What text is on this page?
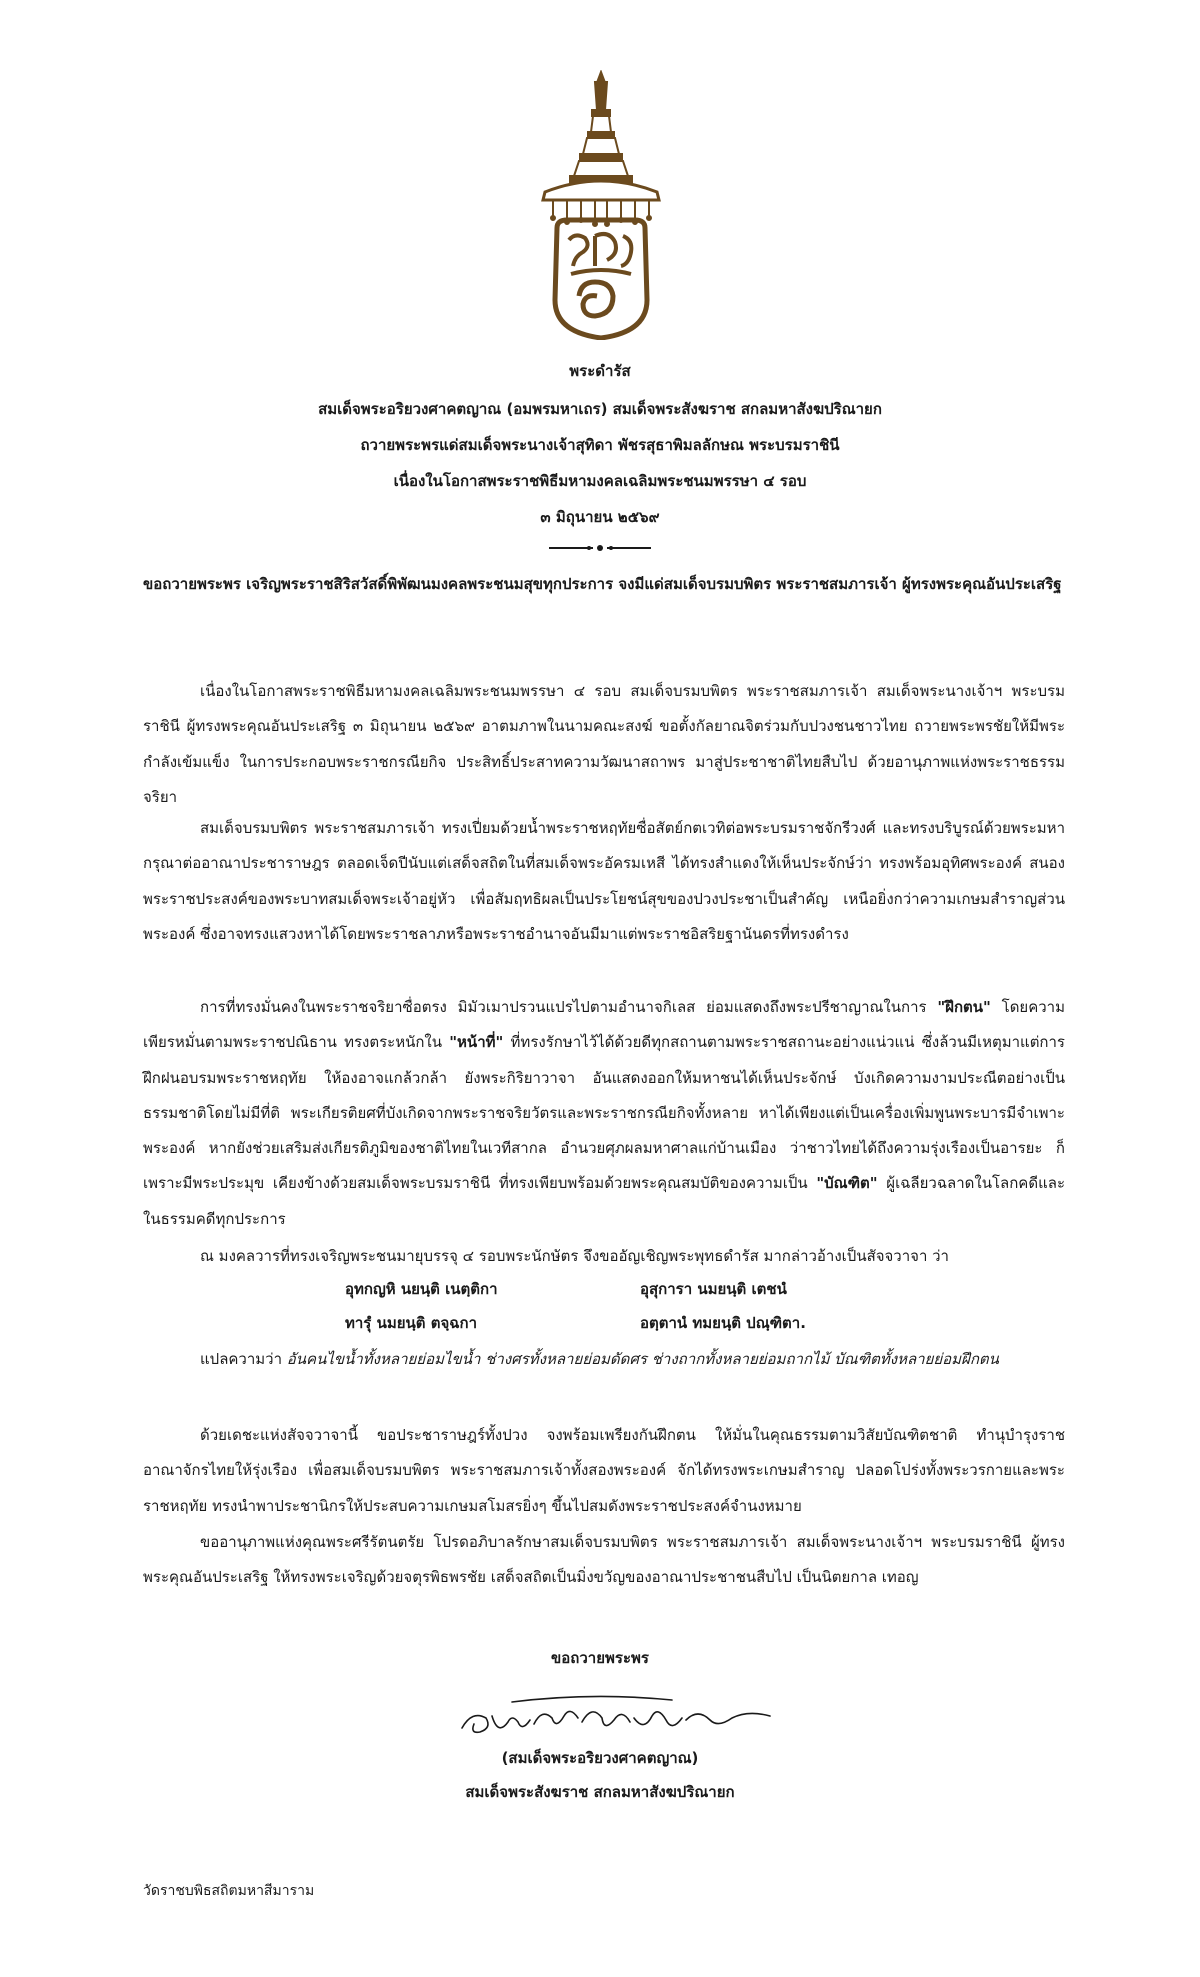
พระดำรัส
สมเด็จพระอริยวงศาคตญาณ (อมพรมหาเถร) สมเด็จพระสังฆราช สกลมหาสังฆปริณายก
ถวายพระพรแด่สมเด็จพระนางเจ้าสุทิดา พัชรสุธาพิมลลักษณ พระบรมราชินี
เนื่องในโอกาสพระราชพิธีมหามงคลเฉลิมพระชนมพรรษา ๔ รอบ
๓ มิถุนายน ๒๕๖๙
ขอถวายพระพร เจริญพระราชสิริสวัสดิ์พิพัฒนมงคลพระชนมสุขทุกประการ จงมีแด่สมเด็จบรมบพิตร พระราชสมภารเจ้า ผู้ทรงพระคุณอันประเสริฐ
เนื่องในโอกาสพระราชพิธีมหามงคลเฉลิมพระชนมพรรษา ๔ รอบ สมเด็จบรมบพิตร พระราชสมภารเจ้า สมเด็จพระนางเจ้าฯ พระบรมราชินี ผู้ทรงพระคุณอันประเสริฐ ๓ มิถุนายน ๒๕๖๙ อาตมภาพในนามคณะสงฆ์ ขอตั้งกัลยาณจิตร่วมกับปวงชนชาวไทย ถวายพระพรชัยให้มีพระกำลังเข้มแข็ง ในการประกอบพระราชกรณียกิจ ประสิทธิ์ประสาทความวัฒนาสถาพร มาสู่ประชาชาติไทยสืบไป ด้วยอานุภาพแห่งพระราชธรรมจริยา
สมเด็จบรมบพิตร พระราชสมภารเจ้า ทรงเปี่ยมด้วยน้ำพระราชหฤทัยซื่อสัตย์กตเวทิต่อพระบรมราชจักรีวงศ์ และทรงบริบูรณ์ด้วยพระมหากรุณาต่ออาณาประชาราษฎร ตลอดเจ็ดปีนับแต่เสด็จสถิตในที่สมเด็จพระอัครมเหสี ได้ทรงสำแดงให้เห็นประจักษ์ว่า ทรงพร้อมอุทิศพระองค์ สนองพระราชประสงค์ของพระบาทสมเด็จพระเจ้าอยู่หัว เพื่อสัมฤทธิผลเป็นประโยชน์สุขของปวงประชาเป็นสำคัญ เหนือยิ่งกว่าความเกษมสำราญส่วนพระองค์ ซึ่งอาจทรงแสวงหาได้โดยพระราชลาภหรือพระราชอำนาจอันมีมาแต่พระราชอิสริยฐานันดรที่ทรงดำรง
การที่ทรงมั่นคงในพระราชจริยาซื่อตรง มิมัวเมาปรวนแปรไปตามอำนาจกิเลส ย่อมแสดงถึงพระปรีชาญาณในการ "ฝึกตน" โดยความเพียรหมั่นตามพระราชปณิธาน ทรงตระหนักใน "หน้าที่" ที่ทรงรักษาไว้ได้ด้วยดีทุกสถานตามพระราชสถานะอย่างแน่วแน่ ซึ่งล้วนมีเหตุมาแต่การฝึกฝนอบรมพระราชหฤทัย ให้องอาจแกล้วกล้า ยังพระกิริยาวาจา อันแสดงออกให้มหาชนได้เห็นประจักษ์ บังเกิดความงามประณีตอย่างเป็นธรรมชาติโดยไม่มีที่ติ พระเกียรติยศที่บังเกิดจากพระราชจริยวัตรและพระราชกรณียกิจทั้งหลาย หาได้เพียงแต่เป็นเครื่องเพิ่มพูนพระบารมีจำเพาะพระองค์ หากยังช่วยเสริมส่งเกียรติภูมิของชาติไทยในเวทีสากล อำนวยศุภผลมหาศาลแก่บ้านเมือง ว่าชาวไทยได้ถึงความรุ่งเรืองเป็นอารยะ ก็เพราะมีพระประมุข เคียงข้างด้วยสมเด็จพระบรมราชินี ที่ทรงเพียบพร้อมด้วยพระคุณสมบัติของความเป็น "บัณฑิต" ผู้เฉลียวฉลาดในโลกคดีและในธรรมคดีทุกประการ
ณ มงคลวารที่ทรงเจริญพระชนมายุบรรจุ ๔ รอบพระนักษัตร จึงขออัญเชิญพระพุทธดำรัส มากล่าวอ้างเป็นสัจจวาจา ว่า
อุทกญหิ นยนฺติ เนตฺติกา	อุสุการา นมยนฺติ เตชนํ
ทารุํ นมยนฺติ ตจฺฉกา	อตฺตานํ ทมยนฺติ ปณฺฑิตา.
แปลความว่า อันคนไขน้ำทั้งหลายย่อมไขน้ำ ช่างศรทั้งหลายย่อมดัดศร ช่างถากทั้งหลายย่อมถากไม้ บัณฑิตทั้งหลายย่อมฝึกตน
ด้วยเดชะแห่งสัจจวาจานี้ ขอประชาราษฎร์ทั้งปวง จงพร้อมเพรียงกันฝึกตน ให้มั่นในคุณธรรมตามวิสัยบัณฑิตชาติ ทำนุบำรุงราชอาณาจักรไทยให้รุ่งเรือง เพื่อสมเด็จบรมบพิตร พระราชสมภารเจ้าทั้งสองพระองค์ จักได้ทรงพระเกษมสำราญ ปลอดโปร่งทั้งพระวรกายและพระราชหฤทัย ทรงนำพาประชานิกรให้ประสบความเกษมสโมสรยิ่งๆ ขึ้นไปสมดังพระราชประสงค์จำนงหมาย
ขออานุภาพแห่งคุณพระศรีรัตนตรัย โปรดอภิบาลรักษาสมเด็จบรมบพิตร พระราชสมภารเจ้า สมเด็จพระนางเจ้าฯ พระบรมราชินี ผู้ทรงพระคุณอันประเสริฐ ให้ทรงพระเจริญด้วยจตุรพิธพรชัย เสด็จสถิตเป็นมิ่งขวัญของอาณาประชาชนสืบไป เป็นนิตยกาล เทอญ
ขอถวายพระพร
(สมเด็จพระอริยวงศาคตญาณ)
สมเด็จพระสังฆราช สกลมหาสังฆปริณายก
วัดราชบพิธสถิตมหาสีมาราม
